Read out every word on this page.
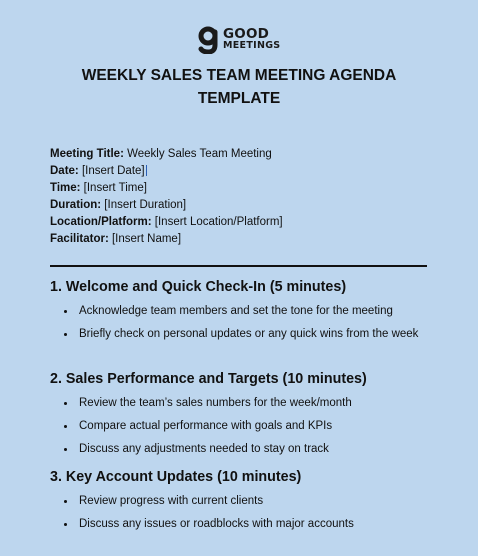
GOOD
MEETINGS
WEEKLY SALES TEAM MEETING AGENDA
TEMPLATE
Meeting Title: Weekly Sales Team Meeting
Date: [Insert Date]
Time: [Insert Time]
Duration: [Insert Duration]
Location/Platform: [Insert Location/Platform]
Facilitator: [Insert Name]
1. Welcome and Quick Check-In (5 minutes)
Acknowledge team members and set the tone for the meeting
Briefly check on personal updates or any quick wins from the week
2. Sales Performance and Targets (10 minutes)
Review the team’s sales numbers for the week/month
Compare actual performance with goals and KPIs
Discuss any adjustments needed to stay on track
3. Key Account Updates (10 minutes)
Review progress with current clients
Discuss any issues or roadblocks with major accounts
